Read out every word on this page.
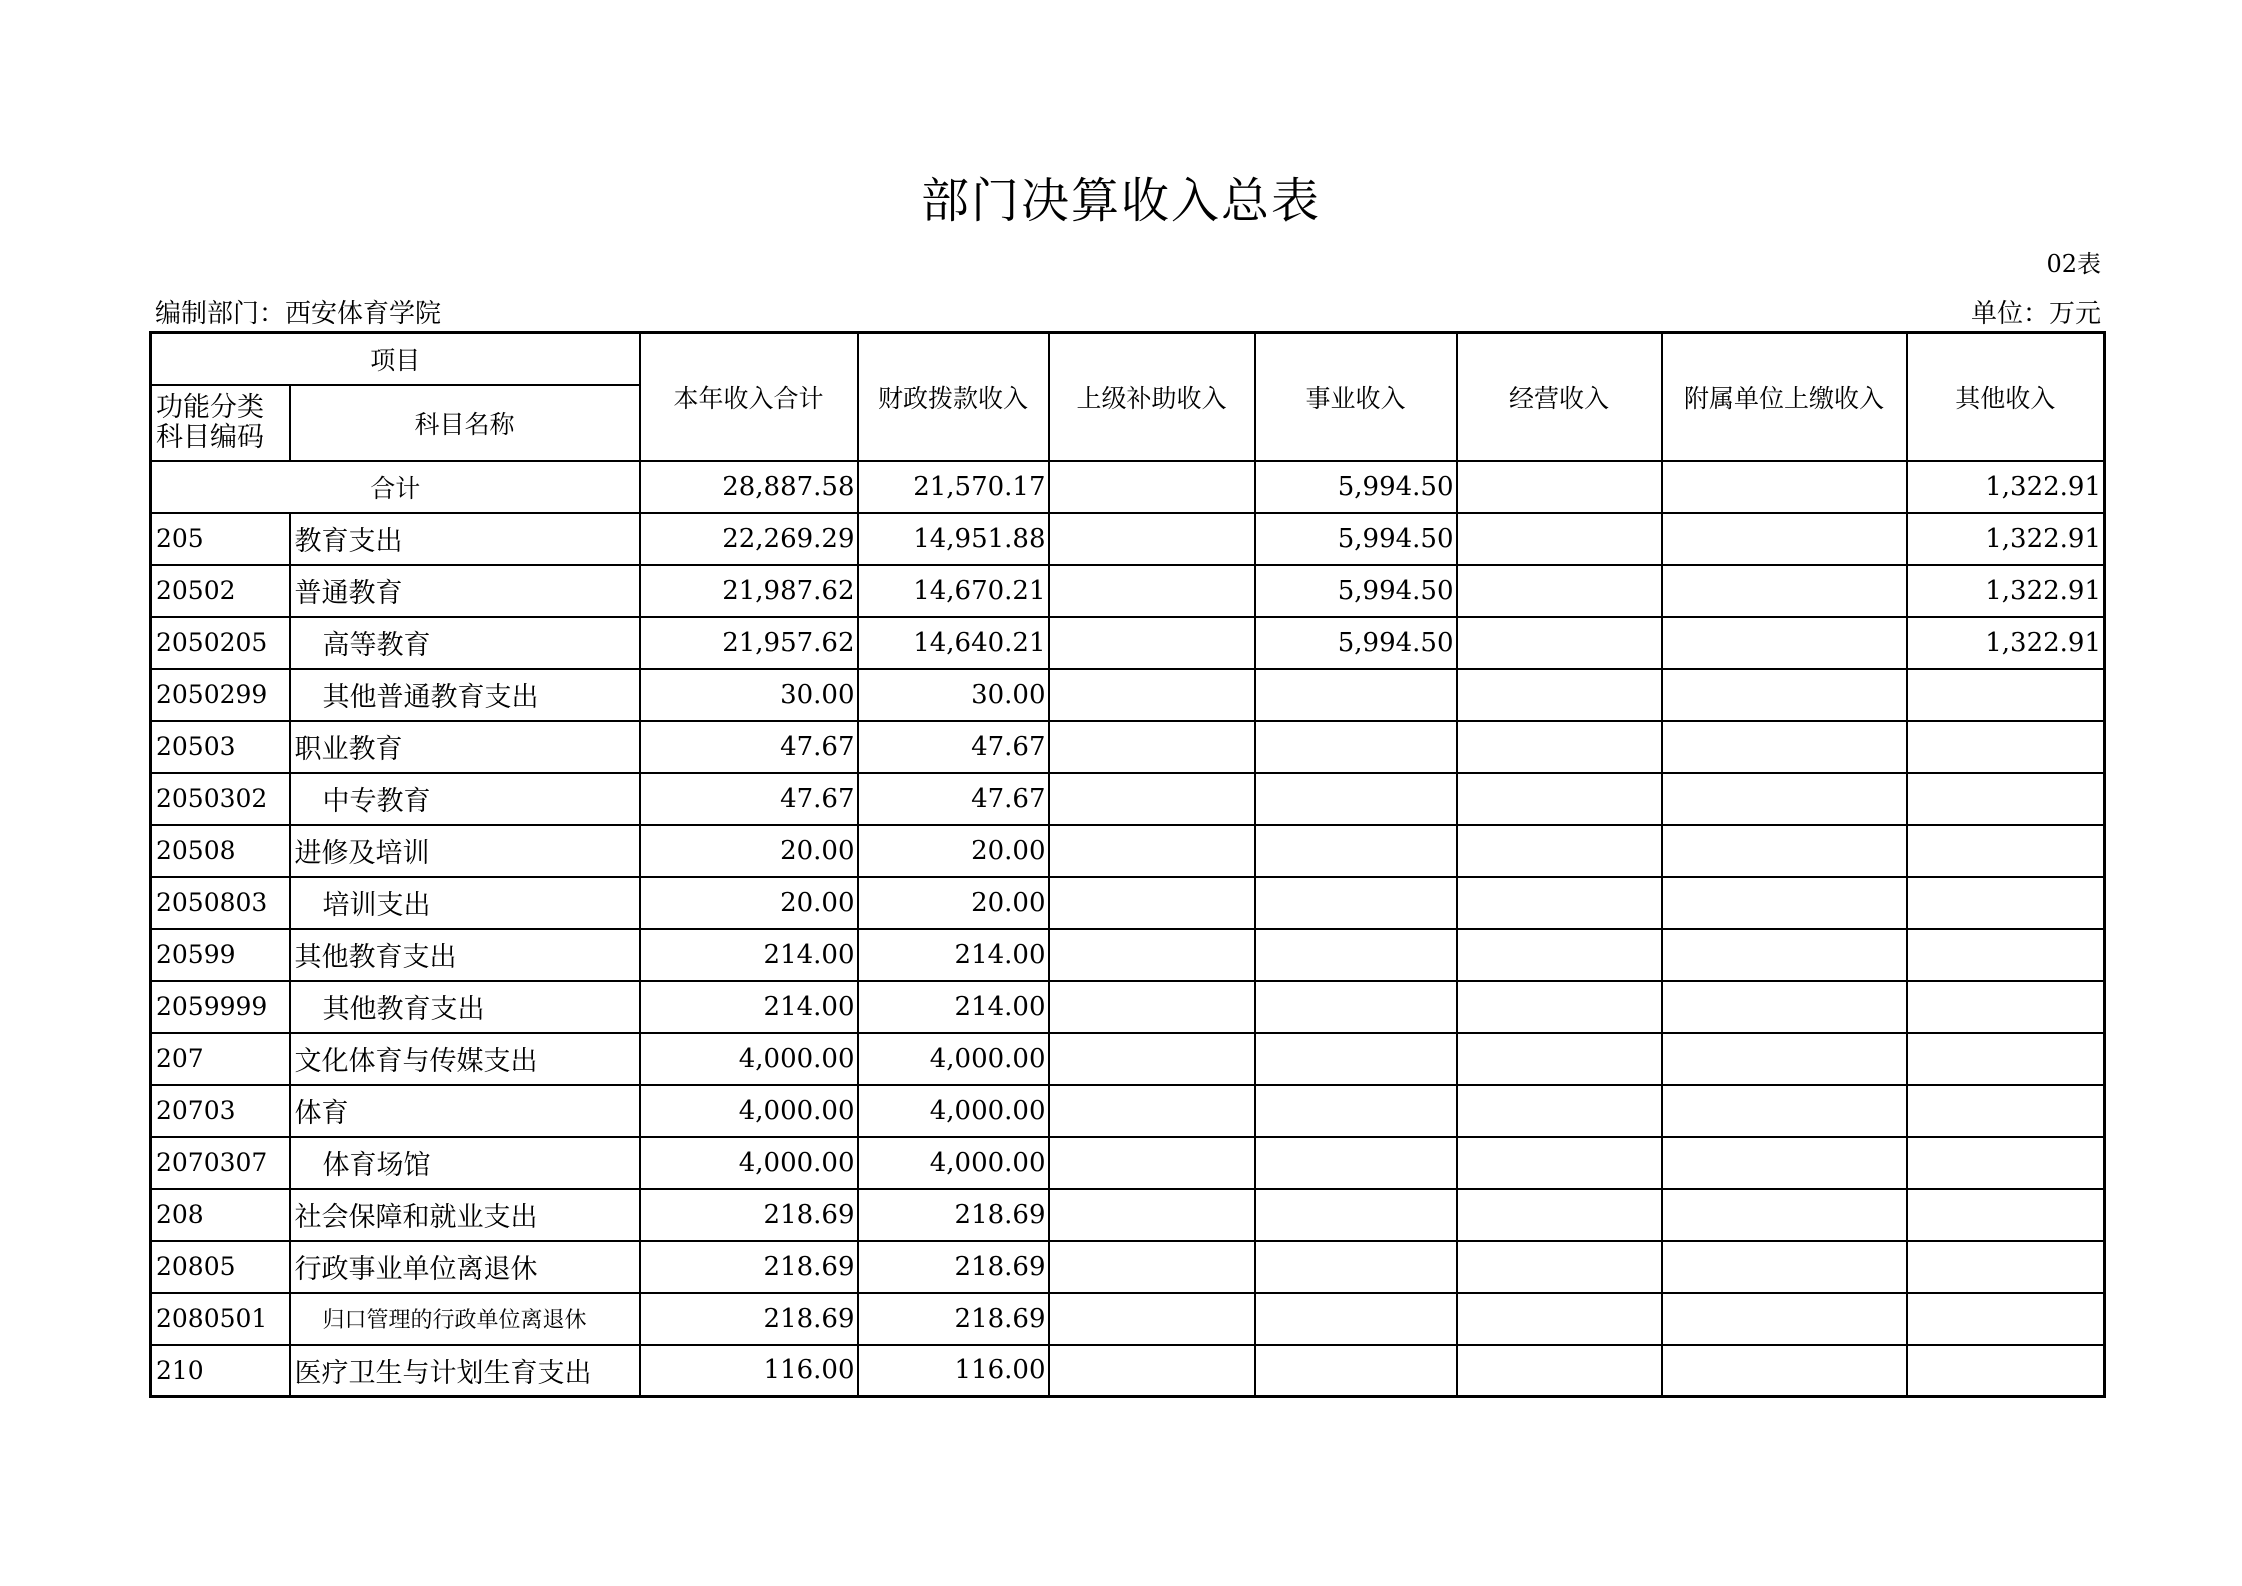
部门决算收入总表
02表
编制部门：西安体育学院	单位：万元
项目		本年收入合计	财政拨款收入	上级补助收入	事业收入	经营收入	附属单位上缴收入	其他收入

功能分类
科目编码	科目名称							
合计		28,887.58	21,570.17		5,994.50			1,322.91
205	教育支出	22,269.29	14,951.88		5,994.50			1,322.91
20502	普通教育	21,987.62	14,670.21		5,994.50			1,322.91
2050205	高等教育	21,957.62	14,640.21		5,994.50			1,322.91
2050299	其他普通教育支出	30.00	30.00					
20503	职业教育	47.67	47.67					
2050302	中专教育	47.67	47.67					
20508	进修及培训	20.00	20.00					
2050803	培训支出	20.00	20.00					
20599	其他教育支出	214.00	214.00					
2059999	其他教育支出	214.00	214.00					
207	文化体育与传媒支出	4,000.00	4,000.00					
20703	体育	4,000.00	4,000.00					
2070307	体育场馆	4,000.00	4,000.00					
208	社会保障和就业支出	218.69	218.69					
20805	行政事业单位离退休	218.69	218.69					
2080501	归口管理的行政单位离退休	218.69	218.69					
210	医疗卫生与计划生育支出	116.00	116.00					
